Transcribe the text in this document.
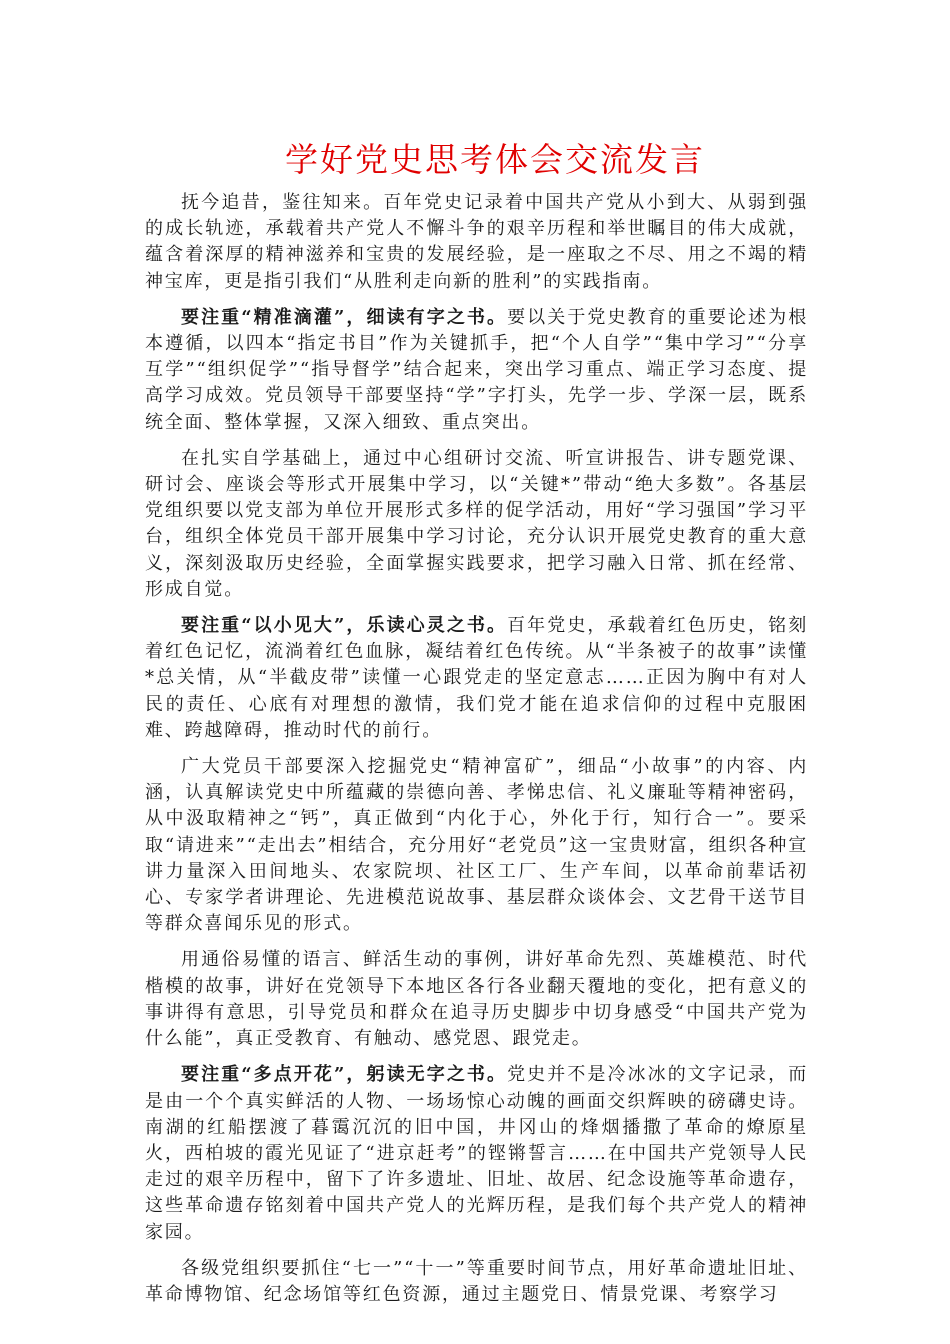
学好党史思考体会交流发言

抚今追昔，鉴往知来。百年党史记录着中国共产党从小到大、从弱到强的成长轨迹，承载着共产党人不懈斗争的艰辛历程和举世瞩目的伟大成就，蕴含着深厚的精神滋养和宝贵的发展经验，是一座取之不尽、用之不竭的精神宝库，更是指引我们“从胜利走向新的胜利”的实践指南。

要注重“精准滴灌”，细读有字之书。要以关于党史教育的重要论述为根本遵循，以四本“指定书目”作为关键抓手，把“个人自学”“集中学习”“分享互学”“组织促学”“指导督学”结合起来，突出学习重点、端正学习态度、提高学习成效。党员领导干部要坚持“学”字打头，先学一步、学深一层，既系统全面、整体掌握，又深入细致、重点突出。

在扎实自学基础上，通过中心组研讨交流、听宣讲报告、讲专题党课、研讨会、座谈会等形式开展集中学习，以“关键*”带动“绝大多数”。各基层党组织要以党支部为单位开展形式多样的促学活动，用好“学习强国”学习平台，组织全体党员干部开展集中学习讨论，充分认识开展党史教育的重大意义，深刻汲取历史经验，全面掌握实践要求，把学习融入日常、抓在经常、形成自觉。

要注重“以小见大”，乐读心灵之书。百年党史，承载着红色历史，铭刻着红色记忆，流淌着红色血脉，凝结着红色传统。从“半条被子的故事”读懂*总关情，从“半截皮带”读懂一心跟党走的坚定意志……正因为胸中有对人民的责任、心底有对理想的激情，我们党才能在追求信仰的过程中克服困难、跨越障碍，推动时代的前行。

广大党员干部要深入挖掘党史“精神富矿”，细品“小故事”的内容、内涵，认真解读党史中所蕴藏的崇德向善、孝悌忠信、礼义廉耻等精神密码，从中汲取精神之“钙”，真正做到“内化于心，外化于行，知行合一”。要采取“请进来”“走出去”相结合，充分用好“老党员”这一宝贵财富，组织各种宣讲力量深入田间地头、农家院坝、社区工厂、生产车间，以革命前辈话初心、专家学者讲理论、先进模范说故事、基层群众谈体会、文艺骨干送节目等群众喜闻乐见的形式。

用通俗易懂的语言、鲜活生动的事例，讲好革命先烈、英雄模范、时代楷模的故事，讲好在党领导下本地区各行各业翻天覆地的变化，把有意义的事讲得有意思，引导党员和群众在追寻历史脚步中切身感受“中国共产党为什么能”，真正受教育、有触动、感党恩、跟党走。

要注重“多点开花”，躬读无字之书。党史并不是冷冰冰的文字记录，而是由一个个真实鲜活的人物、一场场惊心动魄的画面交织辉映的磅礴史诗。南湖的红船摆渡了暮霭沉沉的旧中国，井冈山的烽烟播撒了革命的燎原星火，西柏坡的霞光见证了“进京赶考”的铿锵誓言……在中国共产党领导人民走过的艰辛历程中，留下了许多遗址、旧址、故居、纪念设施等革命遗存，这些革命遗存铭刻着中国共产党人的光辉历程，是我们每个共产党人的精神家园。

各级党组织要抓住“七一”“十一”等重要时间节点，用好革命遗址旧址、革命博物馆、纪念场馆等红色资源，通过主题党日、情景党课、考察学习
